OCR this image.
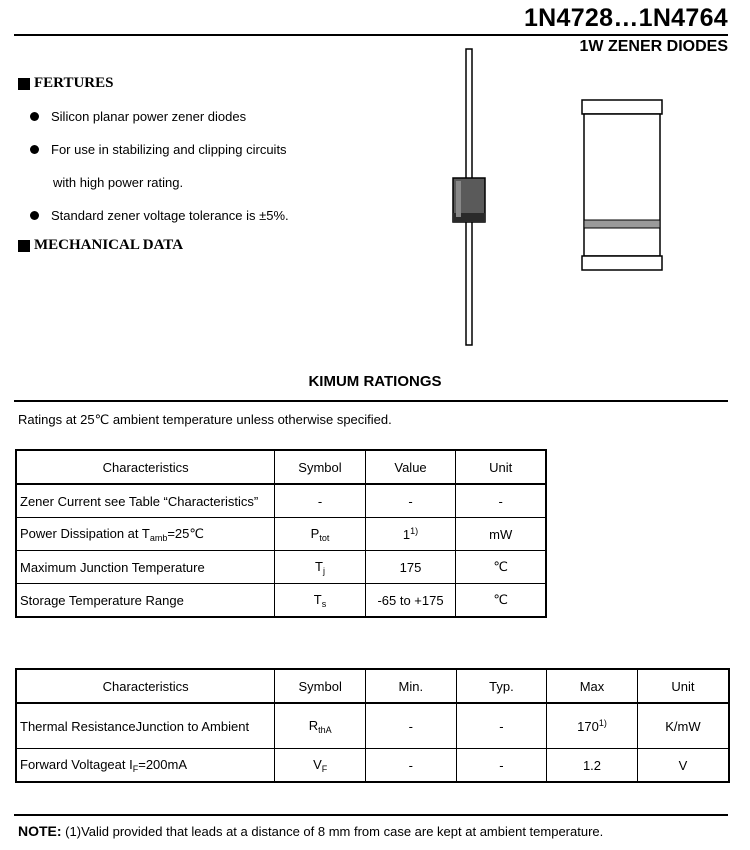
1N4728…1N4764
1W ZENER DIODES
FERTURES
Silicon planar power zener diodes
For use in stabilizing and clipping circuits
with high power rating.
Standard zener voltage tolerance is ±5%.
MECHANICAL DATA
KIMUM RATIONGS
Ratings at 25℃ ambient temperature unless otherwise specified.
Characteristics	Symbol	Value	Unit
Zener Current see Table “Characteristics”	-	-	-
Power Dissipation at $T_{amb}=25℃$	$P_{tot}$	1$^{1)}$	mW
Maximum Junction Temperature	$T_j$	175	℃
Storage Temperature Range	$T_s$	-65 to +175	℃
Characteristics	Symbol	Min.	Typ.	Max	Unit
Thermal ResistanceJunction to Ambient	$R_{thA}$	-	-	170$^{1)}$	K/mW
Forward Voltageat $I_F=200mA$	$V_F$	-	-	1.2	V
NOTE: (1)Valid provided that leads at a distance of 8 mm from case are kept at ambient temperature.
